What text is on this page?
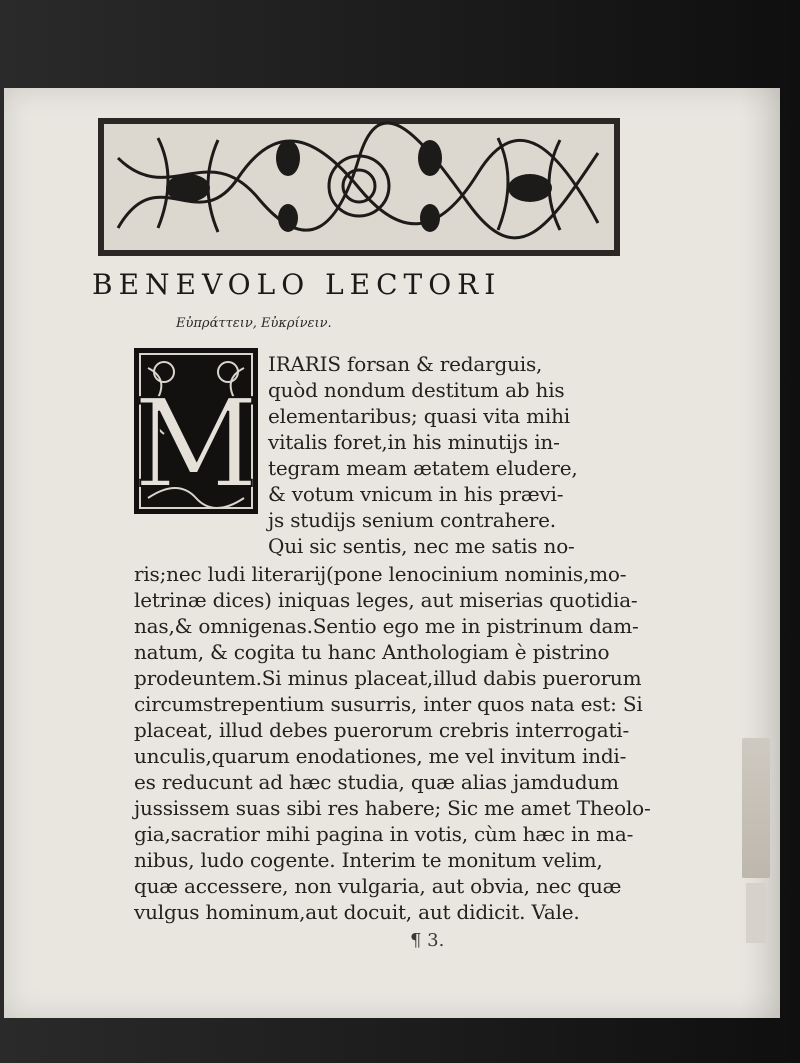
BENEVOLO LECTORI
Εὐπράττειν, Εὐκρίνειν.
M
IRARIS forsan & redarguis,
quòd nondum destitum ab his
elementaribus; quasi vita mihi
vitalis foret,in his minutijs in-
tegram meam ætatem eludere,
& votum vnicum in his prævi-
js studijs senium contrahere.
Qui sic sentis, nec me satis no-
ris;nec ludi literarij(pone lenocinium nominis,mo-
letrinæ dices) iniquas leges, aut miserias quotidia-
nas,& omnigenas.Sentio ego me in pistrinum dam-
natum, & cogita tu hanc Anthologiam è pistrino
prodeuntem.Si minus placeat,illud dabis puerorum
circumstrepentium susurris, inter quos nata est: Si
placeat, illud debes puerorum crebris interrogati-
unculis,quarum enodationes, me vel invitum indi-
es reducunt ad hæc studia, quæ alias jamdudum
jussissem suas sibi res habere; Sic me amet Theolo-
gia,sacratior mihi pagina in votis, cùm hæc in ma-
nibus, ludo cogente. Interim te monitum velim,
quæ accessere, non vulgaria, aut obvia, nec quæ
vulgus hominum,aut docuit, aut didicit. Vale.
¶ 3.
